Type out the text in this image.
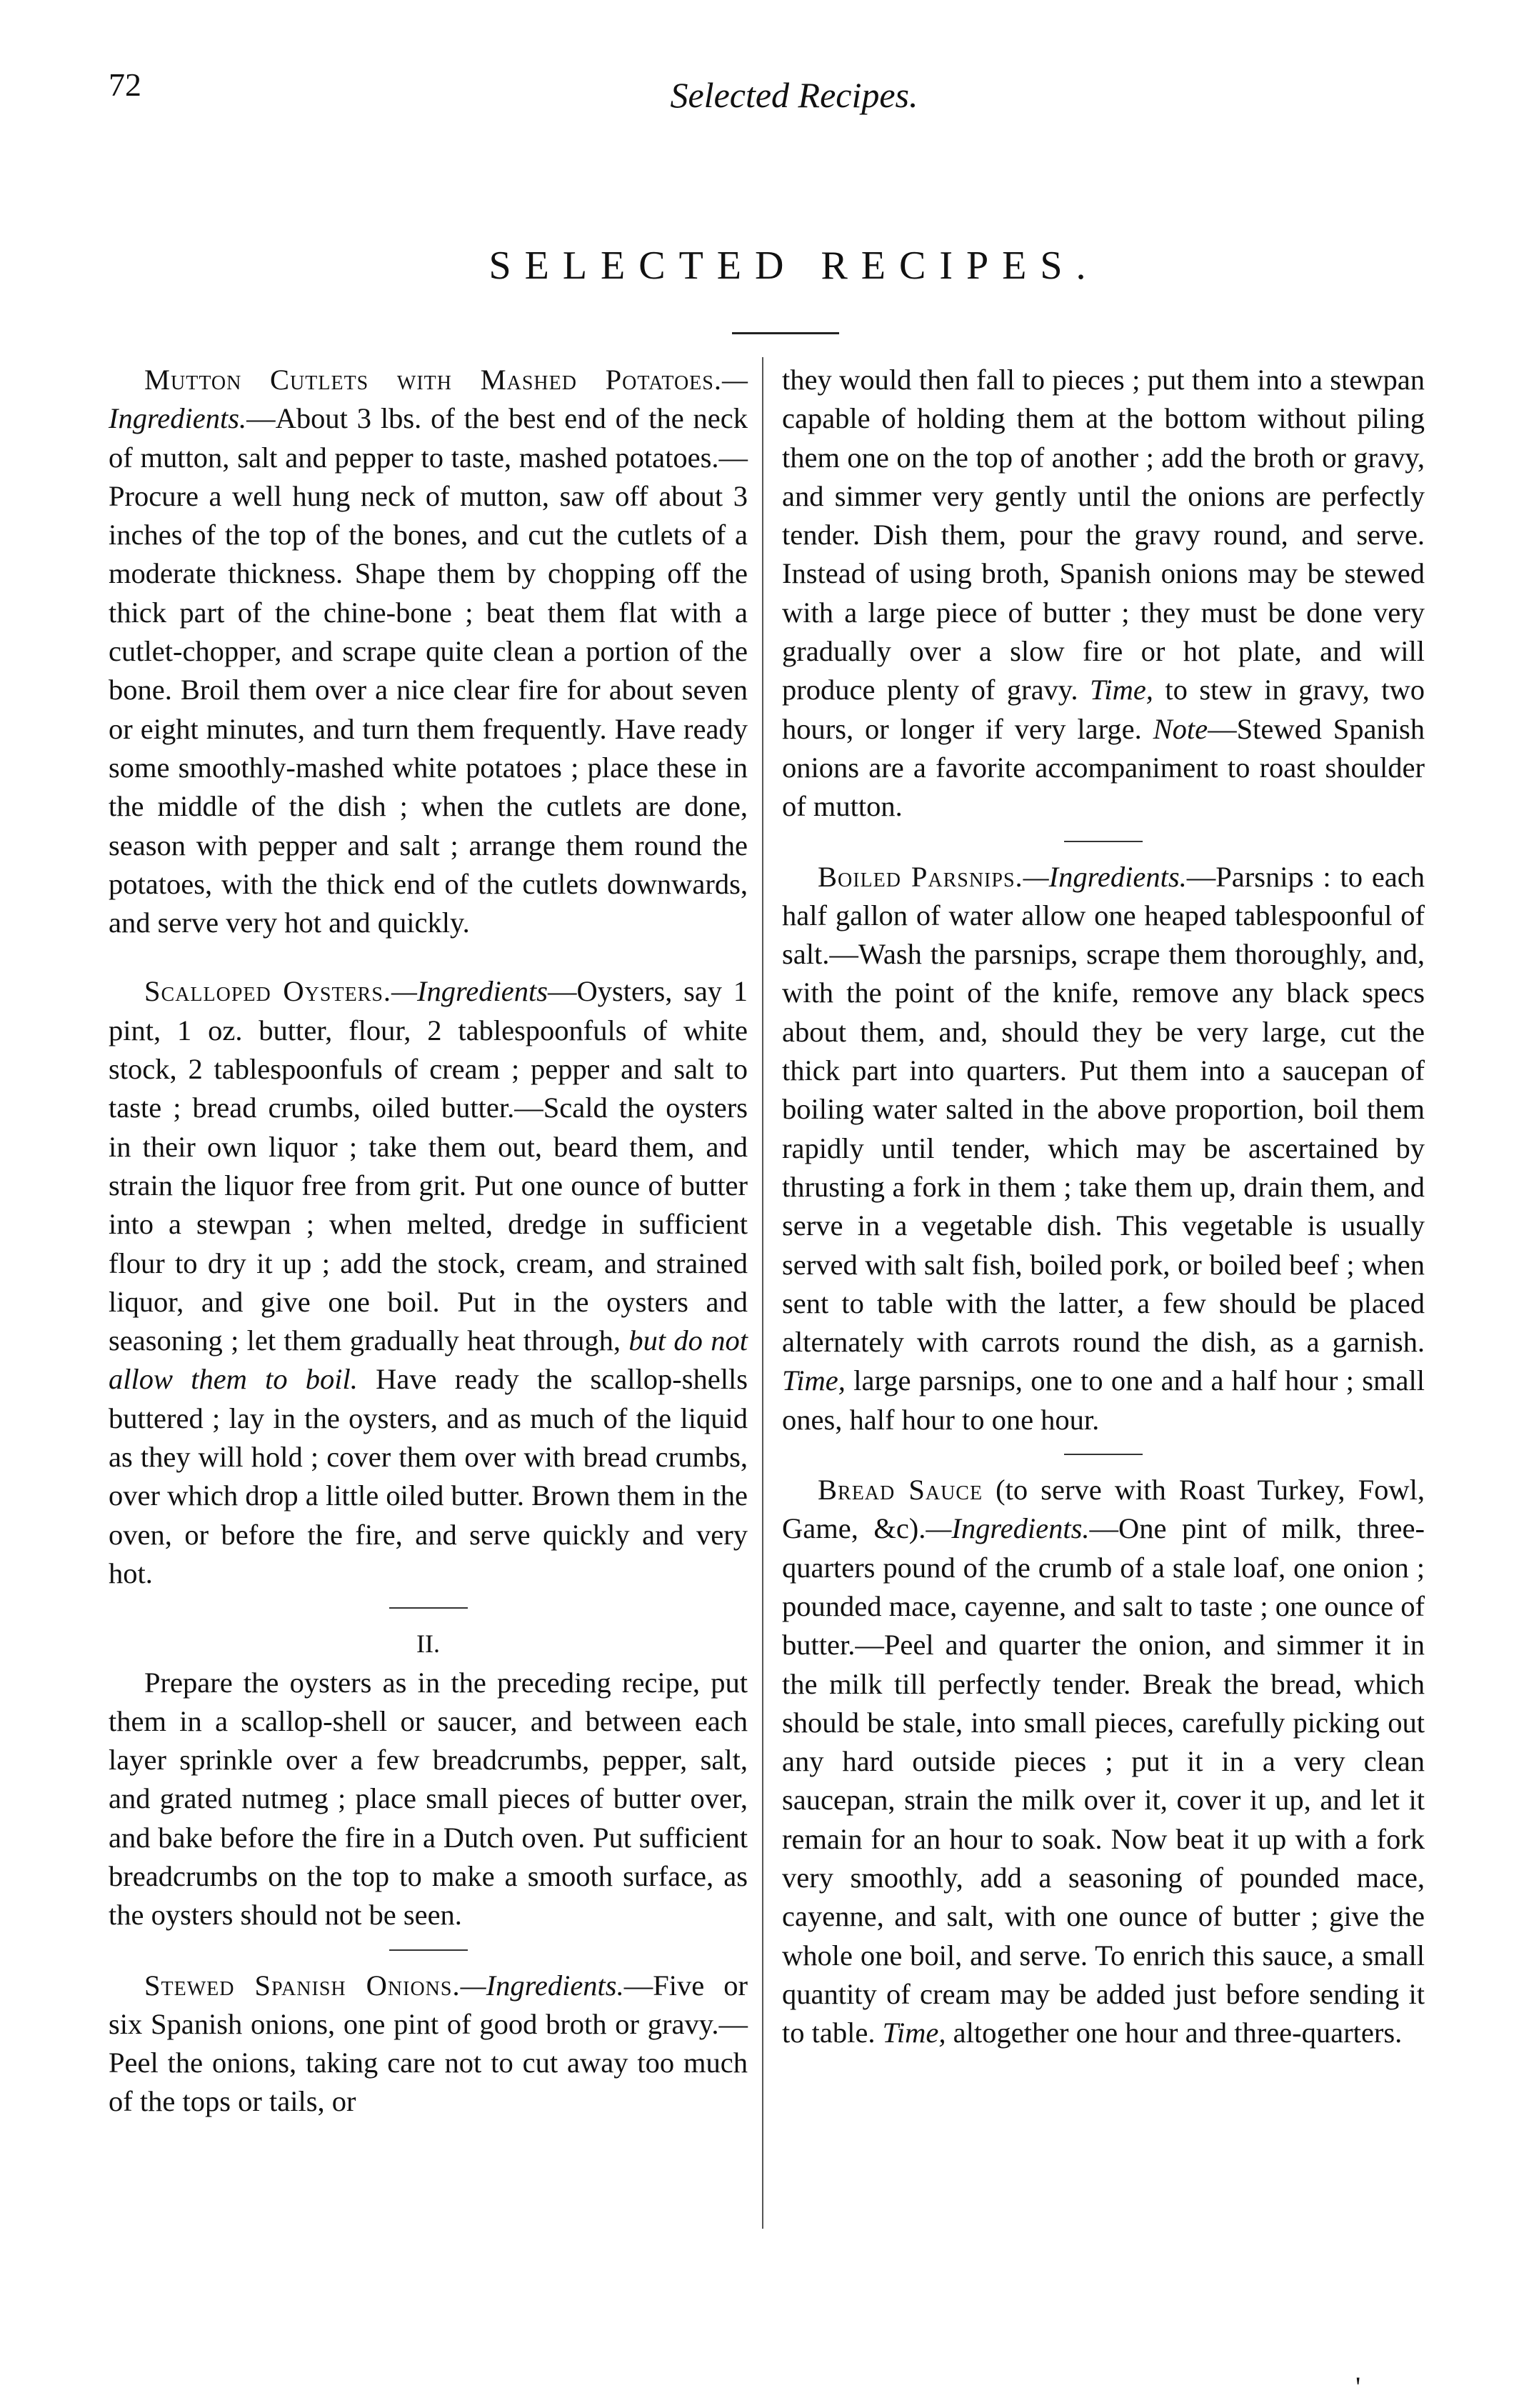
72	Selected Recipes.
SELECTED RECIPES.

Mutton Cutlets with Mashed Potatoes.—Ingredients.—About 3 lbs. of the best end of the neck of mutton, salt and pepper to taste, mashed potatoes.—Procure a well hung neck of mutton, saw off about 3 inches of the top of the bones, and cut the cutlets of a moderate thickness. Shape them by chopping off the thick part of the chine-bone ; beat them flat with a cutlet-chopper, and scrape quite clean a portion of the bone. Broil them over a nice clear fire for about seven or eight minutes, and turn them frequently. Have ready some smoothly-mashed white potatoes ; place these in the middle of the dish ; when the cutlets are done, season with pepper and salt ; arrange them round the potatoes, with the thick end of the cutlets downwards, and serve very hot and quickly.

Scalloped Oysters.—Ingredients—Oysters, say 1 pint, 1 oz. butter, flour, 2 tablespoonfuls of white stock, 2 tablespoonfuls of cream ; pepper and salt to taste ; bread crumbs, oiled butter.—Scald the oysters in their own liquor ; take them out, beard them, and strain the liquor free from grit. Put one ounce of butter into a stewpan ; when melted, dredge in sufficient flour to dry it up ; add the stock, cream, and strained liquor, and give one boil. Put in the oysters and seasoning ; let them gradually heat through, but do not allow them to boil. Have ready the scallop-shells buttered ; lay in the oysters, and as much of the liquid as they will hold ; cover them over with bread crumbs, over which drop a little oiled butter. Brown them in the oven, or before the fire, and serve quickly and very hot.

II.

Prepare the oysters as in the preceding recipe, put them in a scallop-shell or saucer, and between each layer sprinkle over a few breadcrumbs, pepper, salt, and grated nutmeg ; place small pieces of butter over, and bake before the fire in a Dutch oven. Put sufficient breadcrumbs on the top to make a smooth surface, as the oysters should not be seen.

Stewed Spanish Onions.—Ingredients.—Five or six Spanish onions, one pint of good broth or gravy.—Peel the onions, taking care not to cut away too much of the tops or tails, or

they would then fall to pieces ; put them into a stewpan capable of holding them at the bottom without piling them one on the top of another ; add the broth or gravy, and simmer very gently until the onions are perfectly tender. Dish them, pour the gravy round, and serve. Instead of using broth, Spanish onions may be stewed with a large piece of butter ; they must be done very gradually over a slow fire or hot plate, and will produce plenty of gravy. Time, to stew in gravy, two hours, or longer if very large. Note—Stewed Spanish onions are a favorite accompaniment to roast shoulder of mutton.

Boiled Parsnips.—Ingredients.—Parsnips : to each half gallon of water allow one heaped tablespoonful of salt.—Wash the parsnips, scrape them thoroughly, and, with the point of the knife, remove any black specs about them, and, should they be very large, cut the thick part into quarters. Put them into a saucepan of boiling water salted in the above proportion, boil them rapidly until tender, which may be ascertained by thrusting a fork in them ; take them up, drain them, and serve in a vegetable dish. This vegetable is usually served with salt fish, boiled pork, or boiled beef ; when sent to table with the latter, a few should be placed alternately with carrots round the dish, as a garnish. Time, large parsnips, one to one and a half hour ; small ones, half hour to one hour.

Bread Sauce (to serve with Roast Turkey, Fowl, Game, &c).—Ingredients.—One pint of milk, three-quarters pound of the crumb of a stale loaf, one onion ; pounded mace, cayenne, and salt to taste ; one ounce of butter.—Peel and quarter the onion, and simmer it in the milk till perfectly tender. Break the bread, which should be stale, into small pieces, carefully picking out any hard outside pieces ; put it in a very clean saucepan, strain the milk over it, cover it up, and let it remain for an hour to soak. Now beat it up with a fork very smoothly, add a seasoning of pounded mace, cayenne, and salt, with one ounce of butter ; give the whole one boil, and serve. To enrich this sauce, a small quantity of cream may be added just before sending it to table. Time, altogether one hour and three-quarters.

'
